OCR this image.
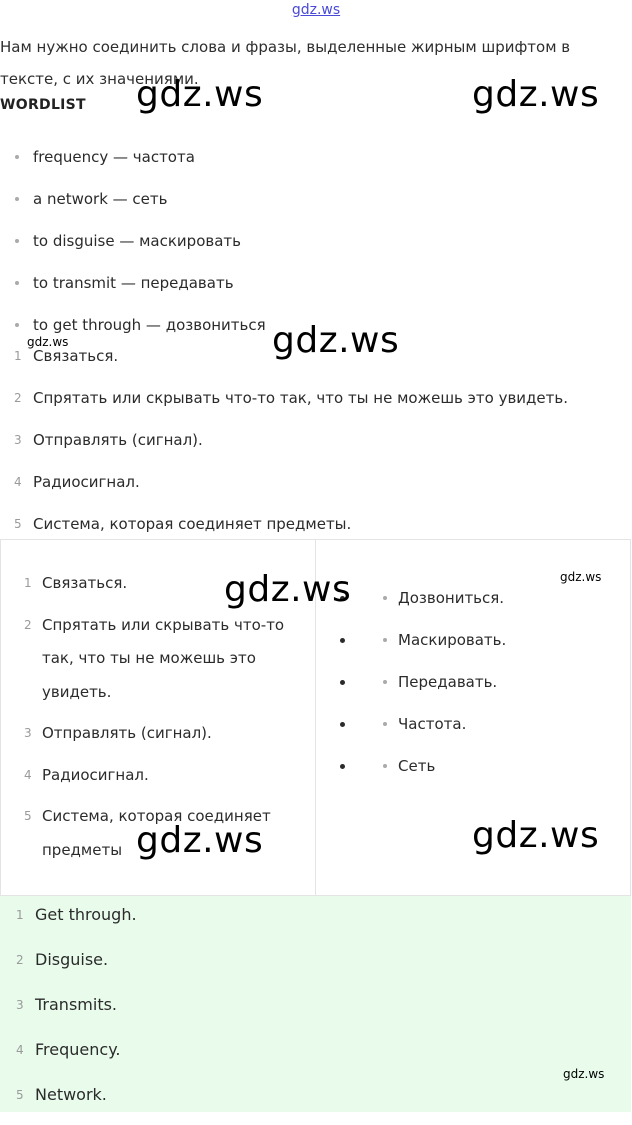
gdz.ws
Нам нужно соединить слова и фразы, выделенные жирным шрифтом в тексте, с их значениями.
WORDLIST
frequency — частота
a network — сеть
to disguise — маскировать
to transmit — передавать
to get through — дозвониться
1 Связаться.
2 Спрятать или скрывать что-то так, что ты не можешь это увидеть.
3 Отправлять (сигнал).
4 Радиосигнал.
5 Система, которая соединяет предметы.
1 Связаться.
2 Спрятать или скрывать что-то так, что ты не можешь это увидеть.
3 Отправлять (сигнал).
4 Радиосигнал.
5 Система, которая соединяет предметы
• Дозвониться.
• Маскировать.
• Передавать.
• Частота.
• Сеть
1 Get through.
2 Disguise.
3 Transmits.
4 Frequency.
5 Network.
gdz.ws	gdz.ws
gdz.ws	gdz.ws
gdz.ws	gdz.ws
gdz.ws	gdz.ws
gdz.ws
